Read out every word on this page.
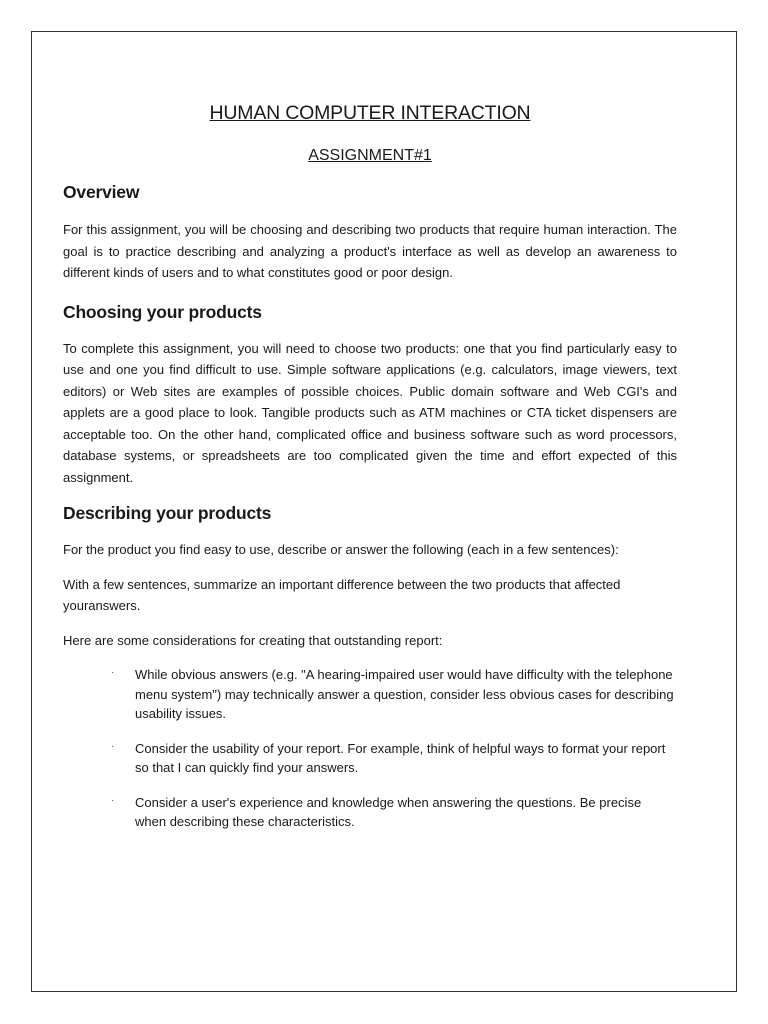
HUMAN COMPUTER INTERACTION
ASSIGNMENT#1
Overview

For this assignment, you will be choosing and describing two products that require human interaction. The goal is to practice describing and analyzing a product's interface as well as develop an awareness to different kinds of users and to what constitutes good or poor design.

Choosing your products

To complete this assignment, you will need to choose two products: one that you find particularly easy to use and one you find difficult to use. Simple software applications (e.g. calculators, image viewers, text editors) or Web sites are examples of possible choices. Public domain software and Web CGI's and applets are a good place to look. Tangible products such as ATM machines or CTA ticket dispensers are acceptable too. On the other hand, complicated office and business software such as word processors, database systems, or spreadsheets are too complicated given the time and effort expected of this assignment.

Describing your products

For the product you find easy to use, describe or answer the following (each in a few sentences):

With a few sentences, summarize an important difference between the two products that affected youranswers.

Here are some considerations for creating that outstanding report:

· While obvious answers (e.g. "A hearing-impaired user would have difficulty with the telephone menu system") may technically answer a question, consider less obvious cases for describing usability issues.
· Consider the usability of your report. For example, think of helpful ways to format your report so that I can quickly find your answers.
· Consider a user's experience and knowledge when answering the questions. Be precise when describing these characteristics.
